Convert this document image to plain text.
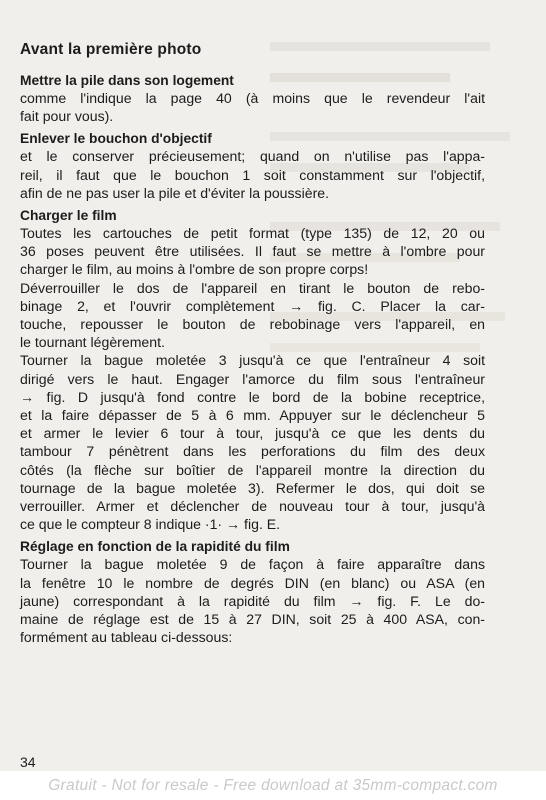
Avant la première photo
Mettre la pile dans son logement
comme l'indique la page 40 (à moins que le revendeur l'ait
fait pour vous).
Enlever le bouchon d'objectif
et le conserver précieusement; quand on n'utilise pas l'appa-
reil, il faut que le bouchon 1 soit constamment sur l'objectif,
afin de ne pas user la pile et d'éviter la poussière.
Charger le film
Toutes les cartouches de petit format (type 135) de 12, 20 ou
36 poses peuvent être utilisées. Il faut se mettre à l'ombre pour
charger le film, au moins à l'ombre de son propre corps!
Déverrouiller le dos de l'appareil en tirant le bouton de rebo-
binage 2, et l'ouvrir complètement → fig. C. Placer la car-
touche, repousser le bouton de rebobinage vers l'appareil, en
le tournant légèrement.
Tourner la bague moletée 3 jusqu'à ce que l'entraîneur 4 soit
dirigé vers le haut. Engager l'amorce du film sous l'entraîneur
→ fig. D jusqu'à fond contre le bord de la bobine receptrice,
et la faire dépasser de 5 à 6 mm. Appuyer sur le déclencheur 5
et armer le levier 6 tour à tour, jusqu'à ce que les dents du
tambour 7 pénètrent dans les perforations du film des deux
côtés (la flèche sur boîtier de l'appareil montre la direction du
tournage de la bague moletée 3). Refermer le dos, qui doit se
verrouiller. Armer et déclencher de nouveau tour à tour, jusqu'à
ce que le compteur 8 indique ·1· → fig. E.
Réglage en fonction de la rapidité du film
Tourner la bague moletée 9 de façon à faire apparaître dans
la fenêtre 10 le nombre de degrés DIN (en blanc) ou ASA (en
jaune) correspondant à la rapidité du film → fig. F. Le do-
maine de réglage est de 15 à 27 DIN, soit 25 à 400 ASA, con-
formément au tableau ci-dessous:
34
Gratuit - Not for resale - Free download at 35mm-compact.com
